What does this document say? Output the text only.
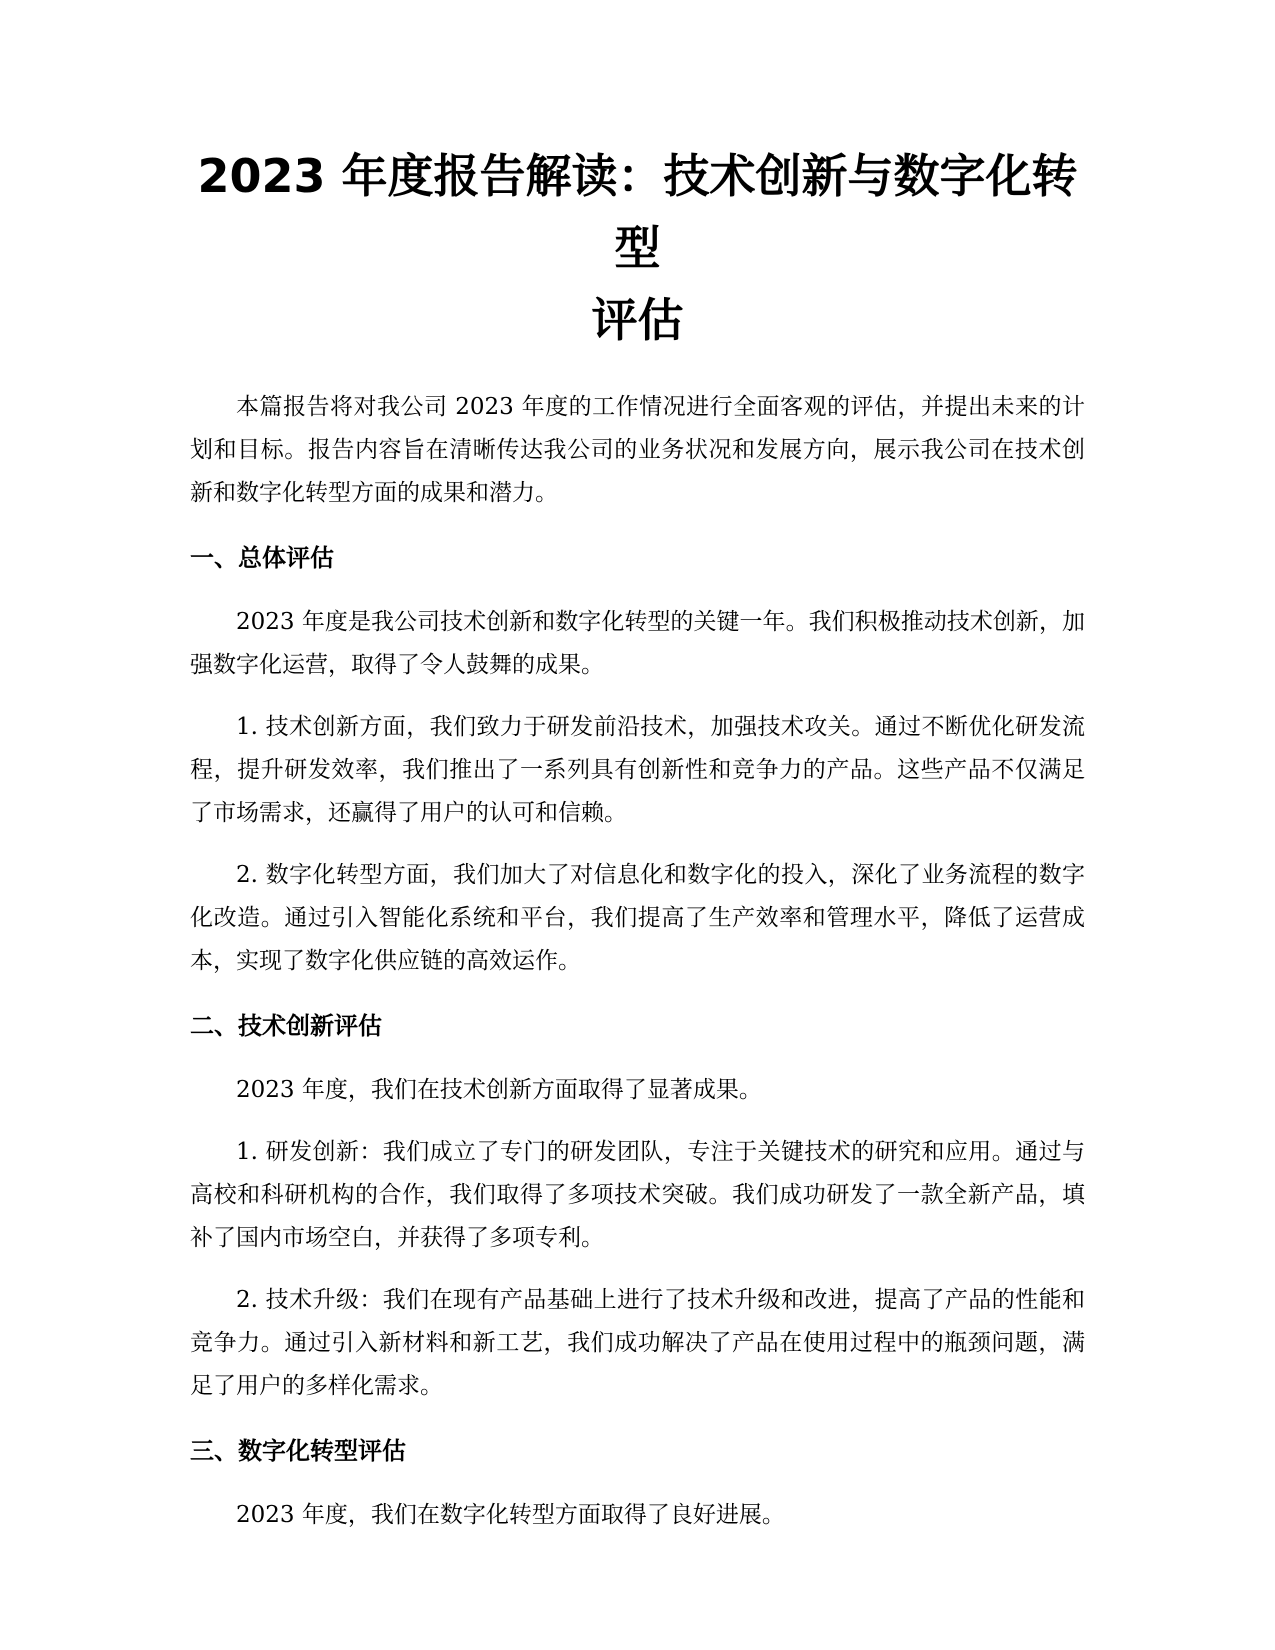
2023 年度报告解读：技术创新与数字化转型
评估

本篇报告将对我公司 2023 年度的工作情况进行全面客观的评估，并提出未来的计划和目标。报告内容旨在清晰传达我公司的业务状况和发展方向，展示我公司在技术创新和数字化转型方面的成果和潜力。

一、总体评估

2023 年度是我公司技术创新和数字化转型的关键一年。我们积极推动技术创新，加强数字化运营，取得了令人鼓舞的成果。

1. 技术创新方面，我们致力于研发前沿技术，加强技术攻关。通过不断优化研发流程，提升研发效率，我们推出了一系列具有创新性和竞争力的产品。这些产品不仅满足了市场需求，还赢得了用户的认可和信赖。

2. 数字化转型方面，我们加大了对信息化和数字化的投入，深化了业务流程的数字化改造。通过引入智能化系统和平台，我们提高了生产效率和管理水平，降低了运营成本，实现了数字化供应链的高效运作。

二、技术创新评估

2023 年度，我们在技术创新方面取得了显著成果。

1. 研发创新：我们成立了专门的研发团队，专注于关键技术的研究和应用。通过与高校和科研机构的合作，我们取得了多项技术突破。我们成功研发了一款全新产品，填补了国内市场空白，并获得了多项专利。

2. 技术升级：我们在现有产品基础上进行了技术升级和改进，提高了产品的性能和竞争力。通过引入新材料和新工艺，我们成功解决了产品在使用过程中的瓶颈问题，满足了用户的多样化需求。

三、数字化转型评估

2023 年度，我们在数字化转型方面取得了良好进展。
